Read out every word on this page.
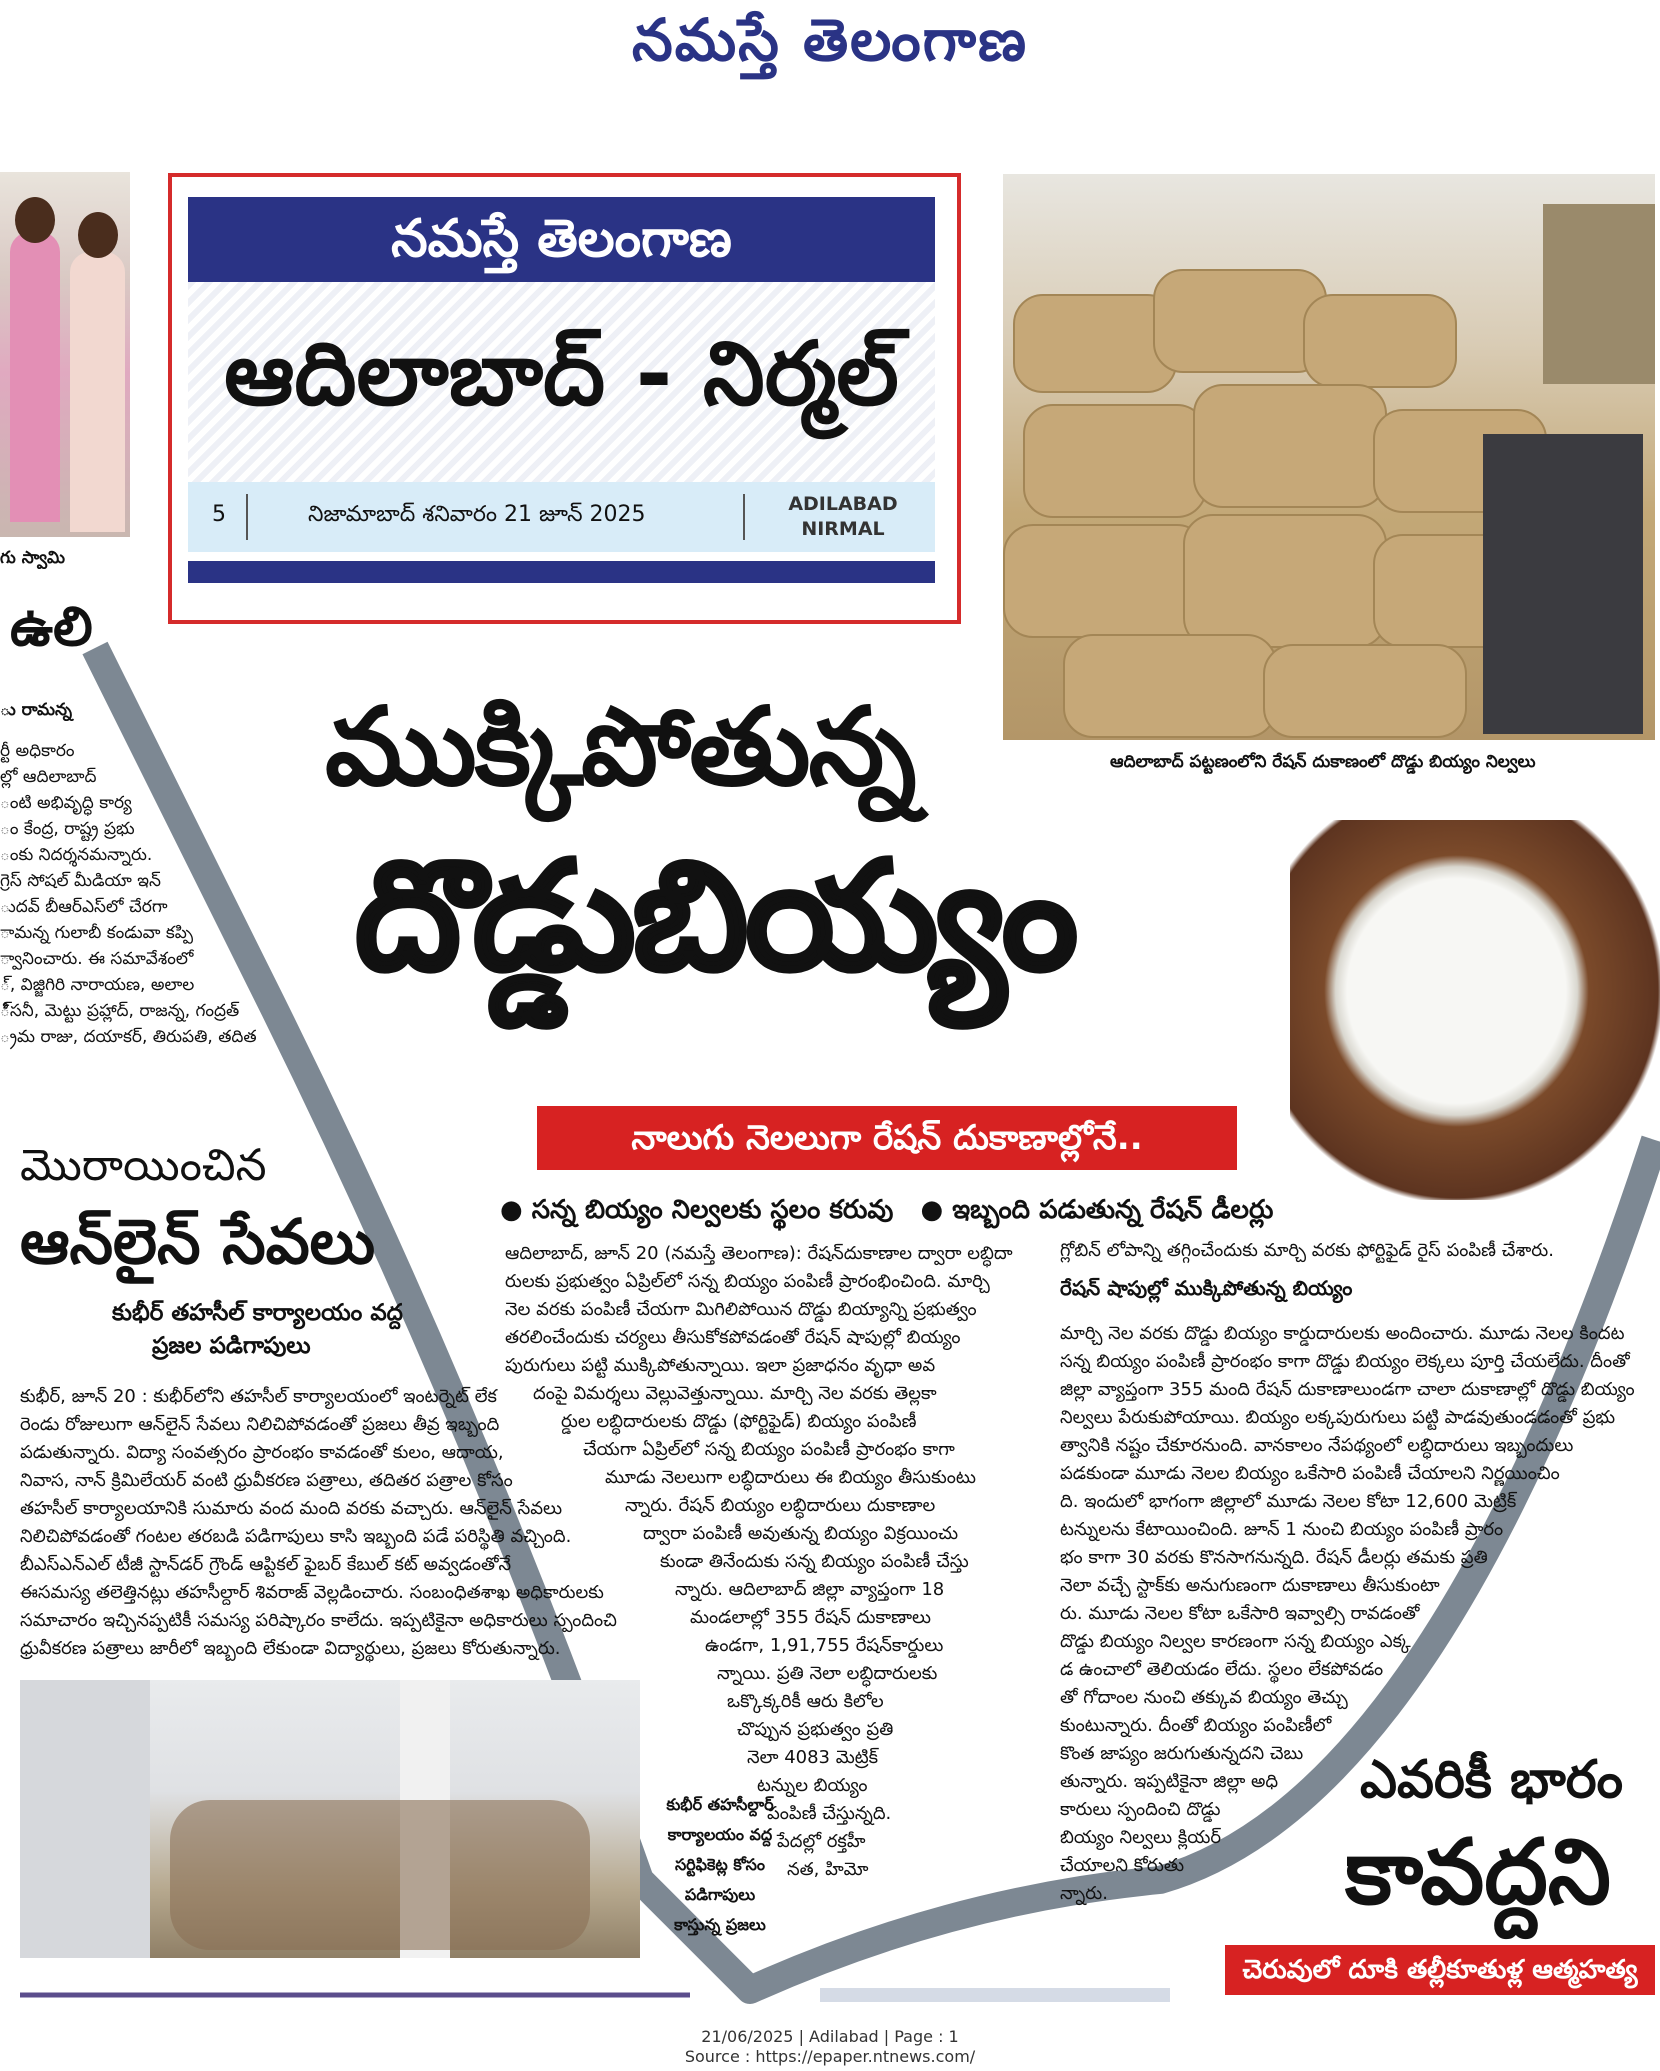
నమస్తే తెలంగాణ
గు స్వామి
ఉలి
ు రామన్న
ర్టీ అధికారం
ల్లో ఆదిలాబాద్
ంటి అభివృద్ధి కార్య
ం కేంద్ర, రాష్ట్ర ప్రభు
ంకు నిదర్శనమన్నారు.
గ్రెస్ సోషల్ మీడియా ఇన్
ుదవ్ బీఆర్ఎస్‌లో చేరగా
ామన్న గులాబీ కండువా కప్పి
్వానించారు. ఈ సమావేశంలో
్‌, విజ్జిగిరి నారాయణ, అలాల
ి్సనీ, మెట్టు ప్రహ్లాద్, రాజన్న, గంద్రత్
్రమ రాజు, దయాకర్, తిరుపతి, తదిత
నమస్తే తెలంగాణ
ఆదిలాబాద్ - నిర్మల్
5	నిజామాబాద్ శనివారం 21 జూన్ 2025	ADILABAD
NIRMAL
ఆదిలాబాద్ పట్టణంలోని రేషన్ దుకాణంలో దొడ్డు బియ్యం నిల్వలు
ముక్కిపోతున్న
దొడ్డుబియ్యం
నాలుగు నెలలుగా రేషన్ దుకాణాల్లోనే..
● సన్న బియ్యం నిల్వలకు స్థలం కరువు ● ఇబ్బంది పడుతున్న రేషన్ డీలర్లు
మొరాయించిన
ఆన్‌లైన్ సేవలు
కుభీర్ తహసీల్ కార్యాలయం వద్ద
ప్రజల పడిగాపులు
కుభీర్, జూన్ 20 : కుభీర్‌లోని తహసీల్ కార్యాలయంలో ఇంటర్నెట్ లేక
రెండు రోజులుగా ఆన్‌లైన్ సేవలు నిలిచిపోవడంతో ప్రజలు తీవ్ర ఇబ్బంది
పడుతున్నారు. విద్యా సంవత్సరం ప్రారంభం కావడంతో కులం, ఆదాయ,
నివాస, నాన్ క్రిమిలేయర్ వంటి ధ్రువీకరణ పత్రాలు, తదితర పత్రాల కోసం
తహసీల్ కార్యాలయానికి సుమారు వంద మంది వరకు వచ్చారు. ఆన్‌లైన్ సేవలు
నిలిచిపోవడంతో గంటల తరబడి పడిగాపులు కాసి ఇబ్బంది పడే పరిస్థితి వచ్చింది.
బీఎస్ఎన్ఎల్ టీజీ స్టాన్‌డర్ గ్రౌండ్ ఆప్టికల్ ఫైబర్ కేబుల్ కట్ అవ్వడంతోనే
ఈసమస్య తలెత్తినట్లు తహసీల్దార్ శివరాజ్ వెల్లడించారు. సంబంధితశాఖ అధికారులకు
సమాచారం ఇచ్చినప్పటికీ సమస్య పరిష్కారం కాలేదు. ఇప్పటికైనా అధికారులు స్పందించి
ధ్రువీకరణ పత్రాలు జారీలో ఇబ్బంది లేకుండా విద్యార్థులు, ప్రజలు కోరుతున్నారు.
కుభీర్ తహసీల్దార్
కార్యాలయం వద్ద
సర్టిఫికెట్ల కోసం
పడిగాపులు
కాస్తున్న ప్రజలు
ఆదిలాబాద్, జూన్ 20 (నమస్తే తెలంగాణ): రేషన్‌దుకాణాల ద్వారా లబ్ధిదా
రులకు ప్రభుత్వం ఏప్రిల్‌లో సన్న బియ్యం పంపిణీ ప్రారంభించింది. మార్చి
నెల వరకు పంపిణీ చేయగా మిగిలిపోయిన దొడ్డు బియ్యాన్ని ప్రభుత్వం
తరలించేందుకు చర్యలు తీసుకోకపోవడంతో రేషన్ షాపుల్లో బియ్యం
పురుగులు పట్టి ముక్కిపోతున్నాయి. ఇలా ప్రజాధనం వృధా అవ
దంపై విమర్శలు వెల్లువెత్తున్నాయి. మార్చి నెల వరకు తెల్లకా
ర్డుల లబ్ధిదారులకు దొడ్డు (ఫోర్టిఫైడ్) బియ్యం పంపిణీ
చేయగా ఏప్రిల్‌లో సన్న బియ్యం పంపిణీ ప్రారంభం కాగా
మూడు నెలలుగా లబ్ధిదారులు ఈ బియ్యం తీసుకుంటు
న్నారు. రేషన్ బియ్యం లబ్ధిదారులు దుకాణాల
ద్వారా పంపిణీ అవుతున్న బియ్యం విక్రయించు
కుండా తినేందుకు సన్న బియ్యం పంపిణీ చేస్తు
న్నారు. ఆదిలాబాద్ జిల్లా వ్యాప్తంగా 18
మండలాల్లో 355 రేషన్ దుకాణాలు
ఉండగా, 1,91,755 రేషన్‌కార్డులు
న్నాయి. ప్రతి నెలా లబ్ధిదారులకు
ఒక్కొక్కరికీ ఆరు కిలోల
చొప్పున ప్రభుత్వం ప్రతి
నెలా 4083 మెట్రిక్
టన్నుల బియ్యం
పంపిణీ చేస్తున్నది.
పేదల్లో రక్తహీ
నత, హిమో
గ్లోబిన్ లోపాన్ని తగ్గించేందుకు మార్చి వరకు ఫోర్టిఫైడ్ రైస్ పంపిణీ చేశారు.
రేషన్ షాపుల్లో ముక్కిపోతున్న బియ్యం
మార్చి నెల వరకు దొడ్డు బియ్యం కార్డుదారులకు అందించారు. మూడు నెలల కిందట
సన్న బియ్యం పంపిణీ ప్రారంభం కాగా దొడ్డు బియ్యం లెక్కలు పూర్తి చేయలేదు. దీంతో
జిల్లా వ్యాప్తంగా 355 మంది రేషన్ దుకాణాలుండగా చాలా దుకాణాల్లో దొడ్డు బియ్యం
నిల్వలు పేరుకుపోయాయి. బియ్యం లక్కపురుగులు పట్టి పాడవుతుండడంతో ప్రభు
త్వానికి నష్టం చేకూరనుంది. వానకాలం నేపథ్యంలో లబ్ధిదారులు ఇబ్బందులు
పడకుండా మూడు నెలల బియ్యం ఒకేసారి పంపిణీ చేయాలని నిర్ణయించిం
ది. ఇందులో భాగంగా జిల్లాలో మూడు నెలల కోటా 12,600 మెట్రిక్
టన్నులను కేటాయించింది. జూన్ 1 నుంచి బియ్యం పంపిణీ ప్రారం
భం కాగా 30 వరకు కొనసాగనున్నది. రేషన్ డీలర్లు తమకు ప్రతి
నెలా వచ్చే స్టాక్‌కు అనుగుణంగా దుకాణాలు తీసుకుంటా
రు. మూడు నెలల కోటా ఒకేసారి ఇవ్వాల్సి రావడంతో
దొడ్డు బియ్యం నిల్వల కారణంగా సన్న బియ్యం ఎక్క
డ ఉంచాలో తెలియడం లేదు. స్థలం లేకపోవడం
తో గోదాంల నుంచి తక్కువ బియ్యం తెచ్చు
కుంటున్నారు. దీంతో బియ్యం పంపిణీలో
కొంత జాప్యం జరుగుతున్నదని చెబు
తున్నారు. ఇప్పటికైనా జిల్లా అధి
కారులు స్పందించి దొడ్డు
బియ్యం నిల్వలు క్లియర్
చేయాలని కోరుతు
న్నారు.
ఎవరికీ భారం
కావద్దని
చెరువులో దూకి తల్లీకూతుళ్ల ఆత్మహత్య
21/06/2025 | Adilabad | Page : 1
Source : https://epaper.ntnews.com/
